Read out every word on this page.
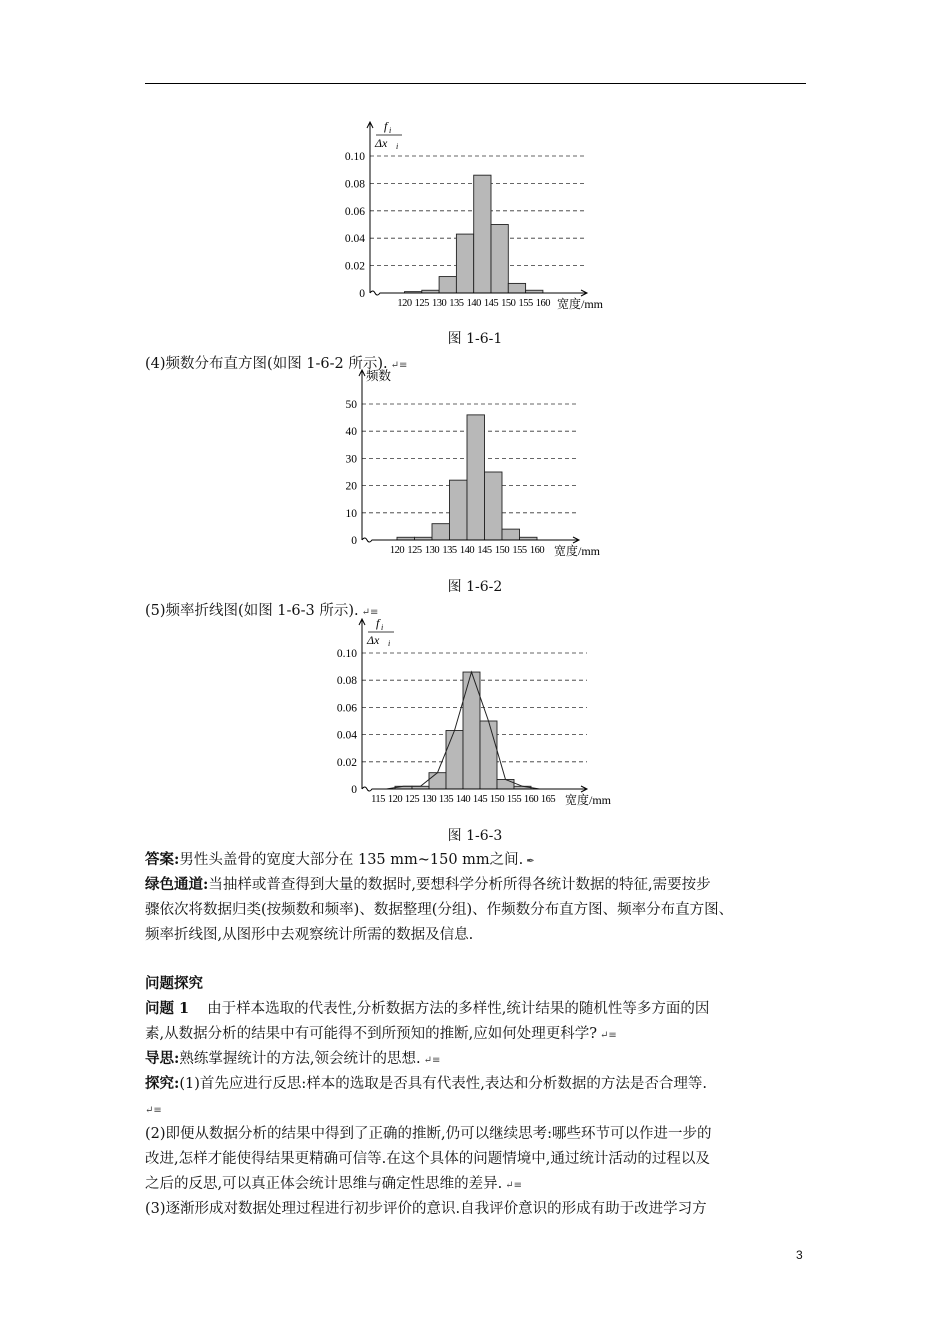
0.10
0.08
0.06
0.04
0.02
0
120 125 130 135 140 145 150 155 160 宽度/mm
f i
Δx i
图 1-6-1
(4)频数分布直方图(如图 1-6-2 所示). ↵≡
50
40
30
20
10
0
120 125 130 135 140 145 150 155 160 宽度/mm
频数
图 1-6-2
(5)频率折线图(如图 1-6-3 所示). ↵≡
0.10
0.08
0.06
0.04
0.02
0
115 120 125 130 135 140 145 150 155 160 165 宽度/mm
f i
Δx i
图 1-6-3
答案:男性头盖骨的宽度大部分在 135 mm~150 mm之间. ✒
绿色通道:当抽样或普查得到大量的数据时,要想科学分析所得各统计数据的特征,需要按步
骤依次将数据归类(按频数和频率)、数据整理(分组)、作频数分布直方图、频率分布直方图、
频率折线图,从图形中去观察统计所需的数据及信息.
问题探究
问题 1 由于样本选取的代表性,分析数据方法的多样性,统计结果的随机性等多方面的因
素,从数据分析的结果中有可能得不到所预知的推断,应如何处理更科学? ↵≡
导思:熟练掌握统计的方法,领会统计的思想. ↵≡
探究:(1)首先应进行反思:样本的选取是否具有代表性,表达和分析数据的方法是否合理等.
↵≡
(2)即便从数据分析的结果中得到了正确的推断,仍可以继续思考:哪些环节可以作进一步的
改进,怎样才能使得结果更精确可信等.在这个具体的问题情境中,通过统计活动的过程以及
之后的反思,可以真正体会统计思维与确定性思维的差异. ↵≡
(3)逐渐形成对数据处理过程进行初步评价的意识.自我评价意识的形成有助于改进学习方
3
